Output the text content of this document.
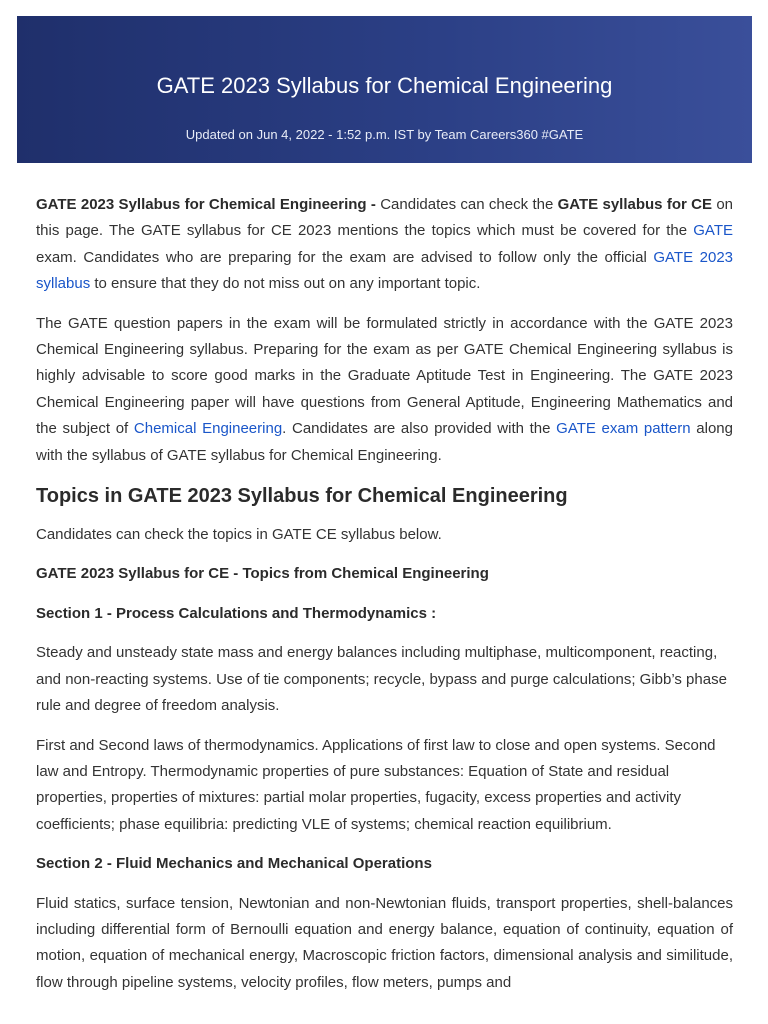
GATE 2023 Syllabus for Chemical Engineering
Updated on Jun 4, 2022 - 1:52 p.m. IST by Team Careers360 #GATE

GATE 2023 Syllabus for Chemical Engineering - Candidates can check the GATE syllabus for CE on this page. The GATE syllabus for CE 2023 mentions the topics which must be covered for the GATE exam. Candidates who are preparing for the exam are advised to follow only the official GATE 2023 syllabus to ensure that they do not miss out on any important topic.

The GATE question papers in the exam will be formulated strictly in accordance with the GATE 2023 Chemical Engineering syllabus. Preparing for the exam as per GATE Chemical Engineering syllabus is highly advisable to score good marks in the Graduate Aptitude Test in Engineering. The GATE 2023 Chemical Engineering paper will have questions from General Aptitude, Engineering Mathematics and the subject of Chemical Engineering. Candidates are also provided with the GATE exam pattern along with the syllabus of GATE syllabus for Chemical Engineering.

Topics in GATE 2023 Syllabus for Chemical Engineering

Candidates can check the topics in GATE CE syllabus below.

GATE 2023 Syllabus for CE - Topics from Chemical Engineering

Section 1 - Process Calculations and Thermodynamics :

Steady and unsteady state mass and energy balances including multiphase, multicomponent, reacting, and non-reacting systems. Use of tie components; recycle, bypass and purge calculations; Gibb’s phase rule and degree of freedom analysis.

First and Second laws of thermodynamics. Applications of first law to close and open systems. Second law and Entropy. Thermodynamic properties of pure substances: Equation of State and residual properties, properties of mixtures: partial molar properties, fugacity, excess properties and activity coefficients; phase equilibria: predicting VLE of systems; chemical reaction equilibrium.

Section 2 - Fluid Mechanics and Mechanical Operations

Fluid statics, surface tension, Newtonian and non-Newtonian fluids, transport properties, shell-balances including differential form of Bernoulli equation and energy balance, equation of continuity, equation of motion, equation of mechanical energy, Macroscopic friction factors, dimensional analysis and similitude, flow through pipeline systems, velocity profiles, flow meters, pumps and
